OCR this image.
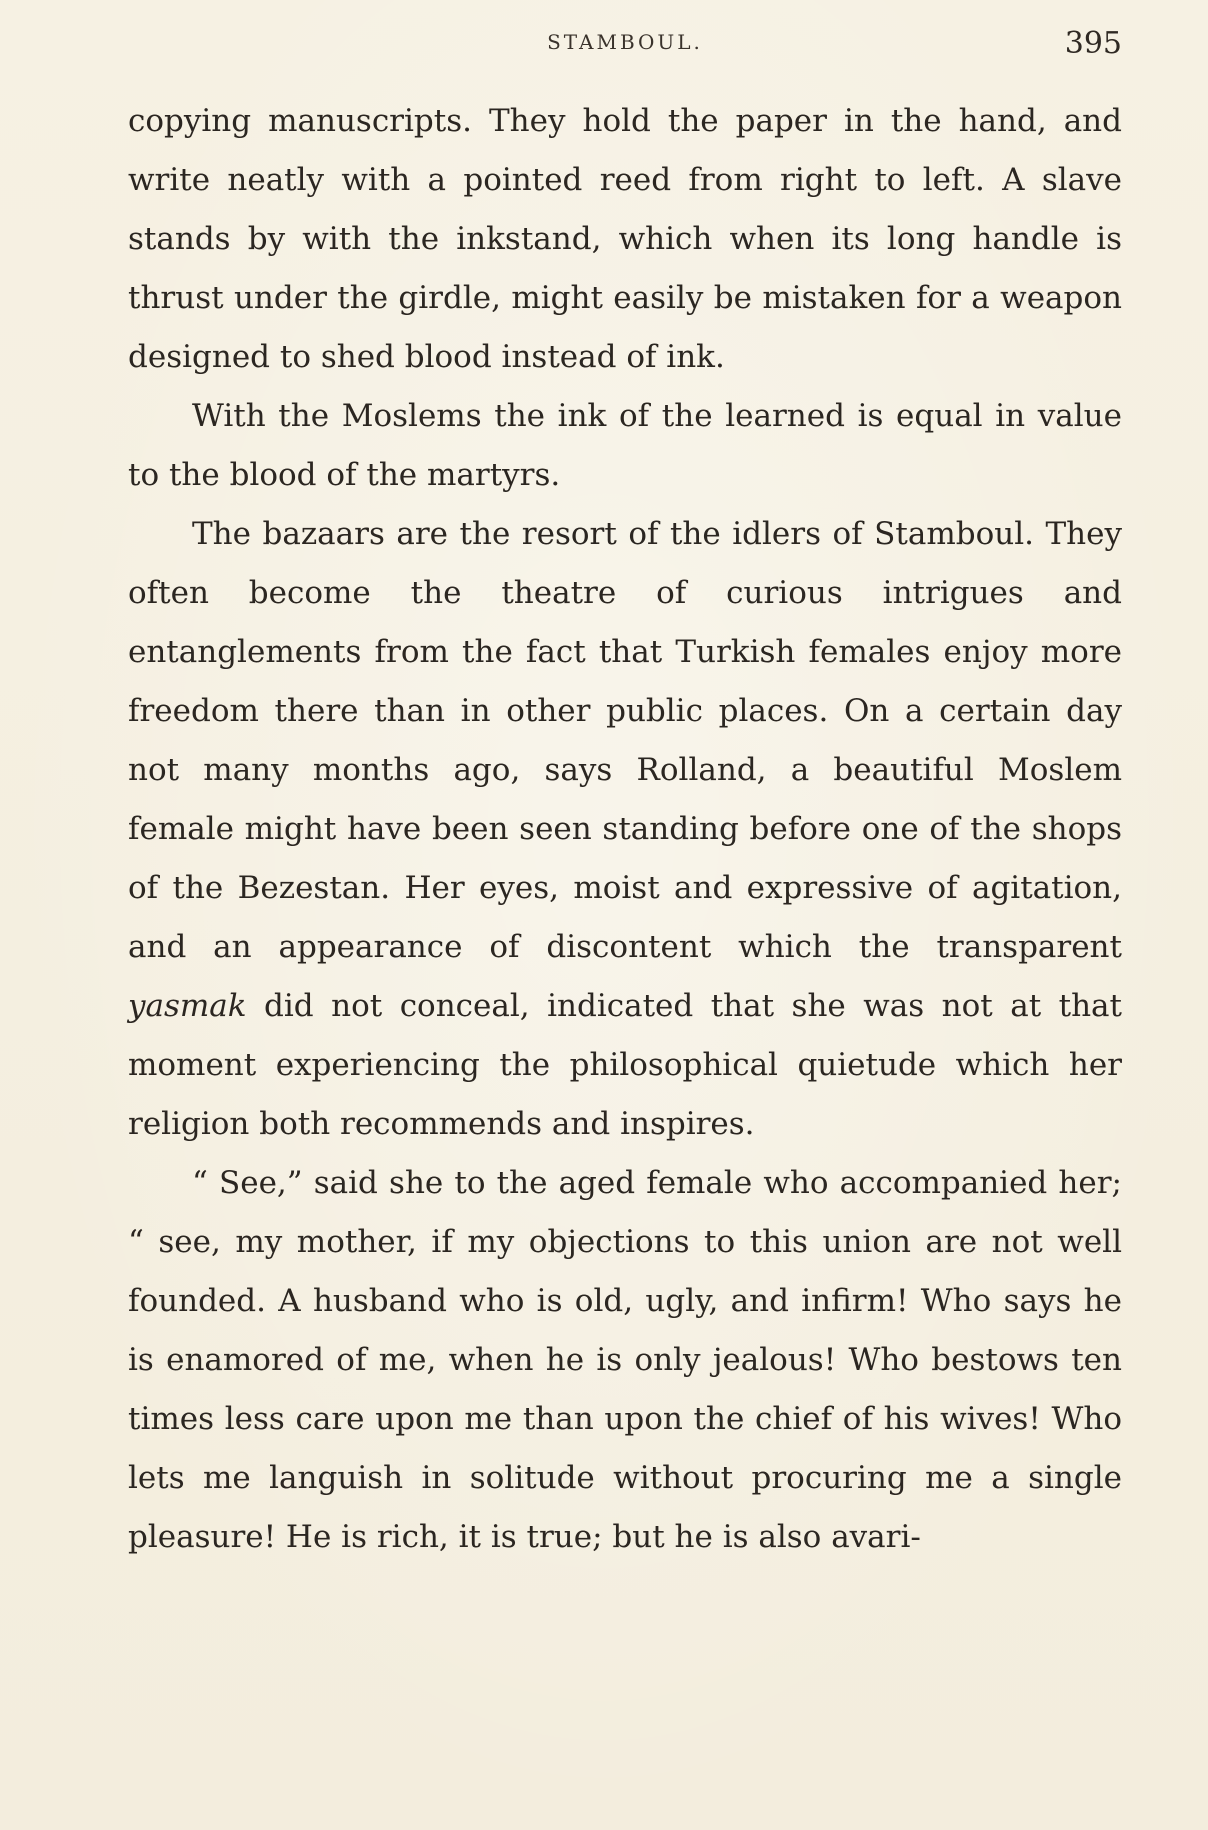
STAMBOUL.	395

copying manuscripts. They hold the paper in the hand, and write neatly with a pointed reed from right to left. A slave stands by with the inkstand, which when its long handle is thrust under the girdle, might easily be mistaken for a weapon designed to shed blood instead of ink.

With the Moslems the ink of the learned is equal in value to the blood of the martyrs.

The bazaars are the resort of the idlers of Stamboul. They often become the theatre of curious intrigues and entanglements from the fact that Turkish females enjoy more freedom there than in other public places. On a certain day not many months ago, says Rolland, a beautiful Moslem female might have been seen standing before one of the shops of the Bezestan. Her eyes, moist and expressive of agitation, and an appearance of discontent which the transparent yasmak did not conceal, indicated that she was not at that moment experiencing the philosophical quietude which her religion both recommends and inspires.

“ See,” said she to the aged female who accompanied her; “ see, my mother, if my objections to this union are not well founded. A husband who is old, ugly, and infirm! Who says he is enamored of me, when he is only jealous! Who bestows ten times less care upon me than upon the chief of his wives! Who lets me languish in solitude without procuring me a single pleasure! He is rich, it is true; but he is also avari-
